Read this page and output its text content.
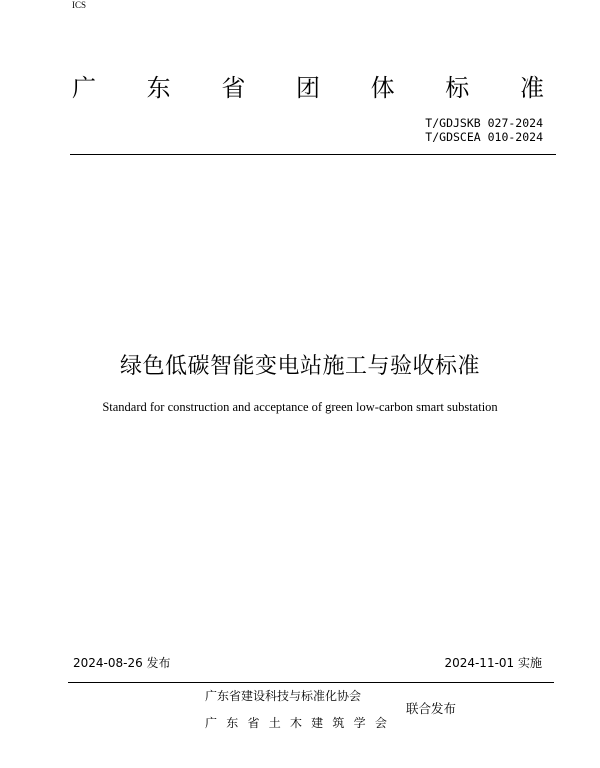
ICS
广 东 省 团 体 标 准
T/GDJSKB 027-2024
T/GDSCEA 010-2024
绿色低碳智能变电站施工与验收标准
Standard for construction and acceptance of green low-carbon smart substation
2024-08-26 发布	2024-11-01 实施
广东省建设科技与标准化协会
广 东 省 土 木 建 筑 学 会
联合发布
